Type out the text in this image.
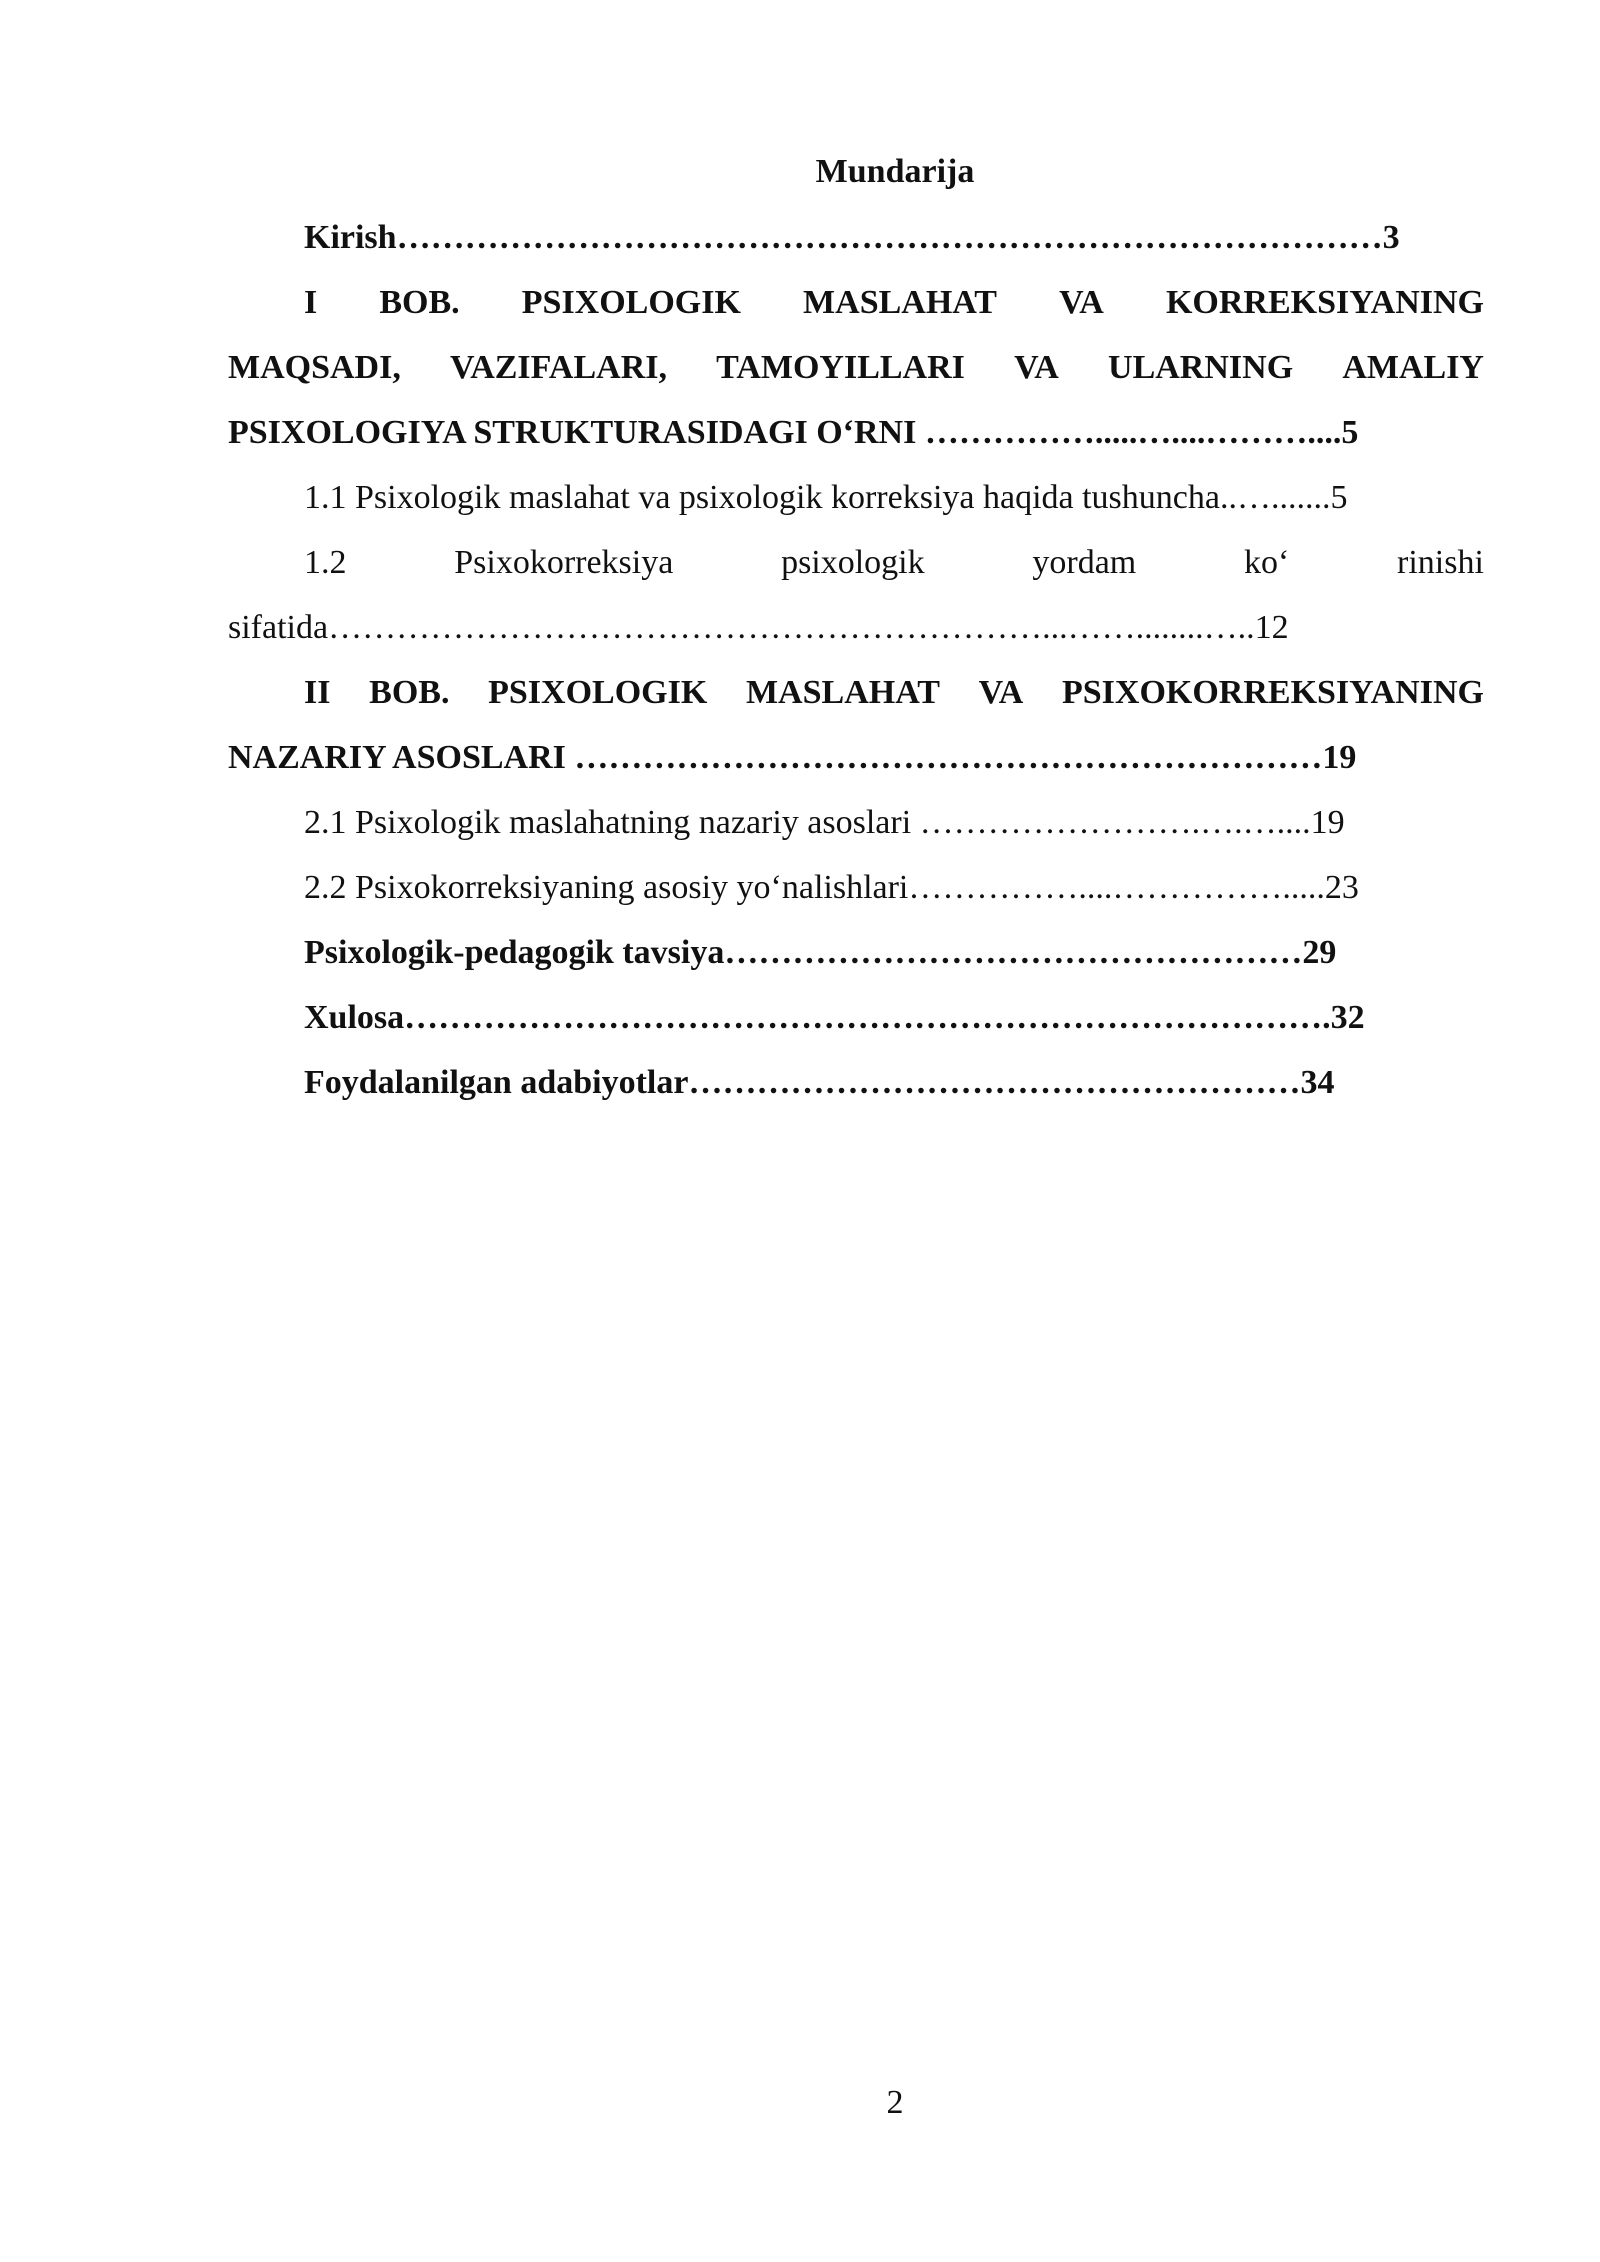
Mundarija
Kirish……………………………………………………………………………3
I BOB. PSIXOLOGIK MASLAHAT VA KORREKSIYANING
MAQSADI, VAZIFALARI, TAMOYILLARI VA ULARNING AMALIY
PSIXOLOGIYA STRUKTURASIDAGI O‘RNI …………….....…....………....5
1.1 Psixologik maslahat va psixologik korreksiya haqida tushuncha..….......5
1.2	Psixokorreksiya	psixologik	yordam	ko‘	rinishi
sifatida………………………………………………………...……........…..12
II BOB. PSIXOLOGIK MASLAHAT VA PSIXOKORREKSIYANING
NAZARIY ASOSLARI …………………………………………………………19
2.1 Psixologik maslahatning nazariy asoslari …………………….….…....19
2.2 Psixokorreksiyaning asosiy yo‘nalishlari……………....…………….....23
Psixologik-pedagogik tavsiya……………………………………………29
Xulosa……………………………………………………………………….32
Foydalanilgan adabiyotlar………………………………………………34
2
